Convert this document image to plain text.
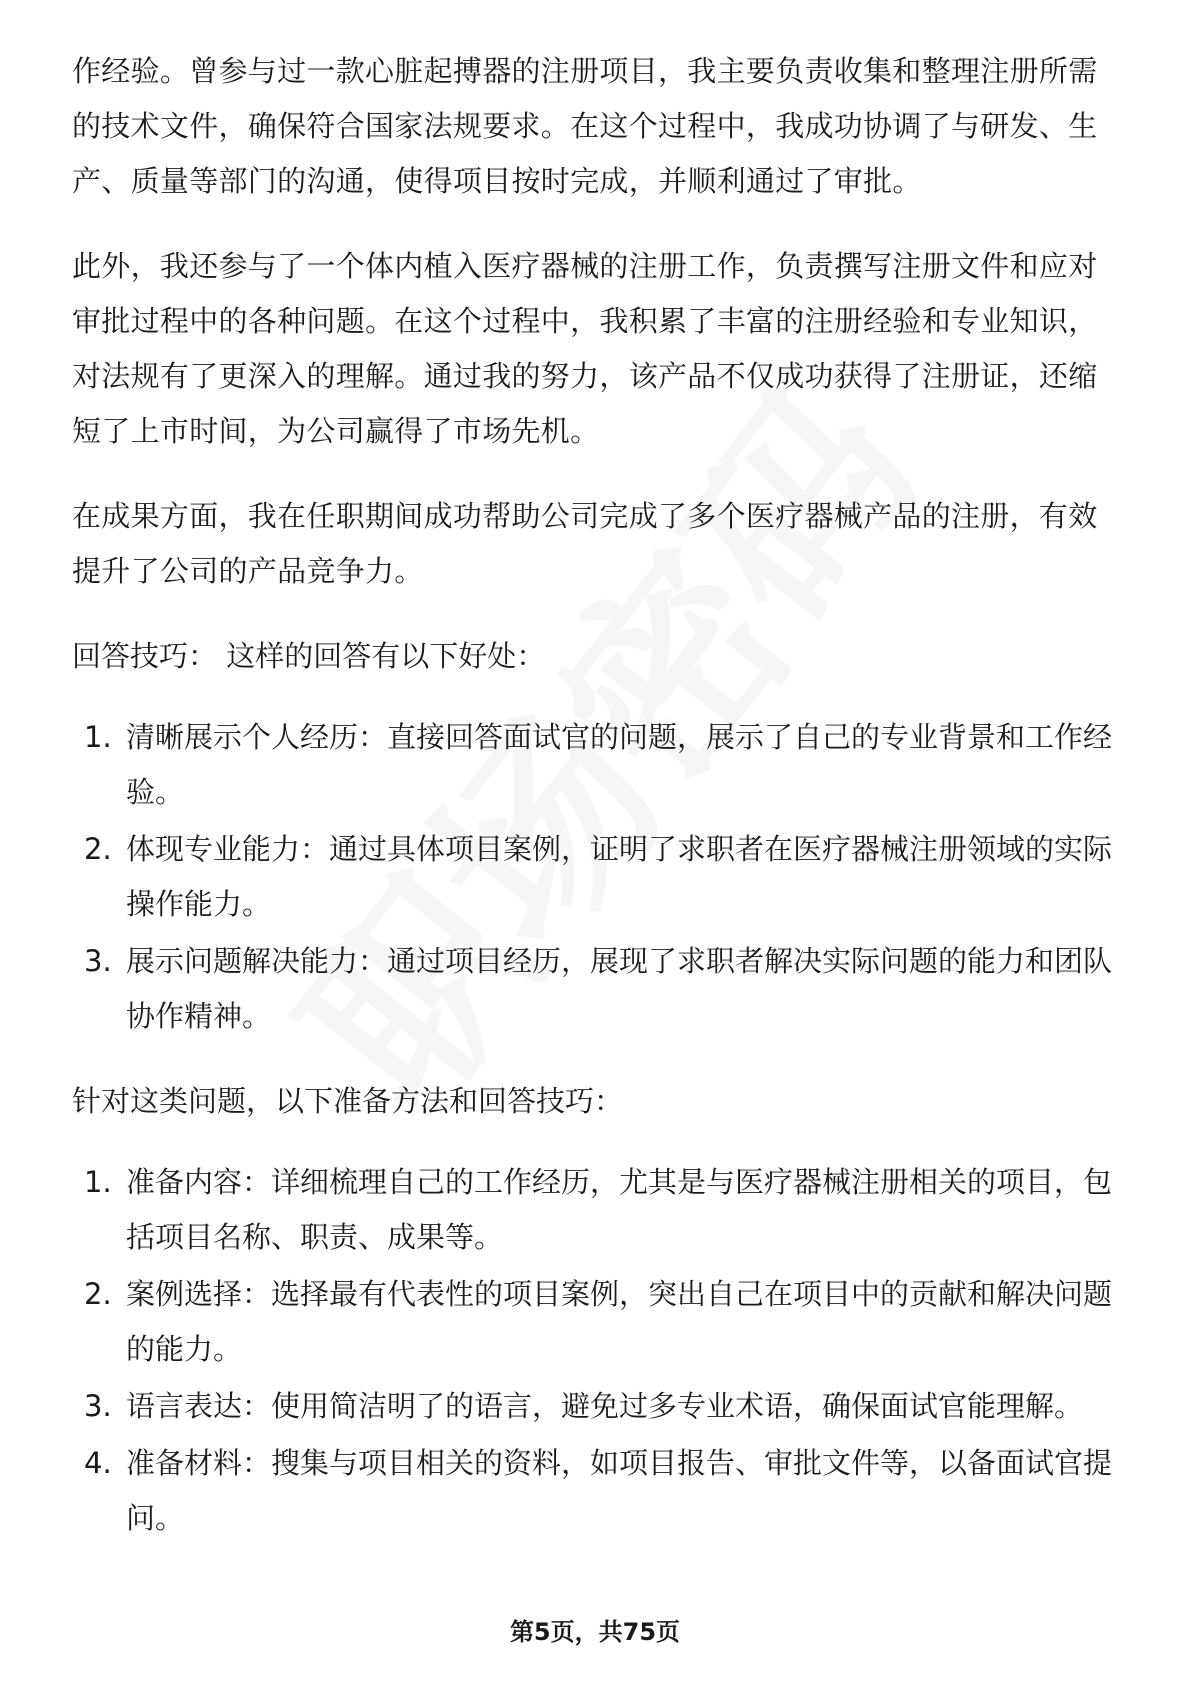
作经验。曾参与过一款心脏起搏器的注册项目，我主要负责收集和整理注册所需的技术文件，确保符合国家法规要求。在这个过程中，我成功协调了与研发、生产、质量等部门的沟通，使得项目按时完成，并顺利通过了审批。

此外，我还参与了一个体内植入医疗器械的注册工作，负责撰写注册文件和应对审批过程中的各种问题。在这个过程中，我积累了丰富的注册经验和专业知识，对法规有了更深入的理解。通过我的努力，该产品不仅成功获得了注册证，还缩短了上市时间，为公司赢得了市场先机。

在成果方面，我在任职期间成功帮助公司完成了多个医疗器械产品的注册，有效提升了公司的产品竞争力。

回答技巧： 这样的回答有以下好处：

1. 清晰展示个人经历：直接回答面试官的问题，展示了自己的专业背景和工作经验。
2. 体现专业能力：通过具体项目案例，证明了求职者在医疗器械注册领域的实际操作能力。
3. 展示问题解决能力：通过项目经历，展现了求职者解决实际问题的能力和团队协作精神。

针对这类问题，以下准备方法和回答技巧：

1. 准备内容：详细梳理自己的工作经历，尤其是与医疗器械注册相关的项目，包括项目名称、职责、成果等。
2. 案例选择：选择最有代表性的项目案例，突出自己在项目中的贡献和解决问题的能力。
3. 语言表达：使用简洁明了的语言，避免过多专业术语，确保面试官能理解。
4. 准备材料：搜集与项目相关的资料，如项目报告、审批文件等，以备面试官提问。
第5页，共75页
